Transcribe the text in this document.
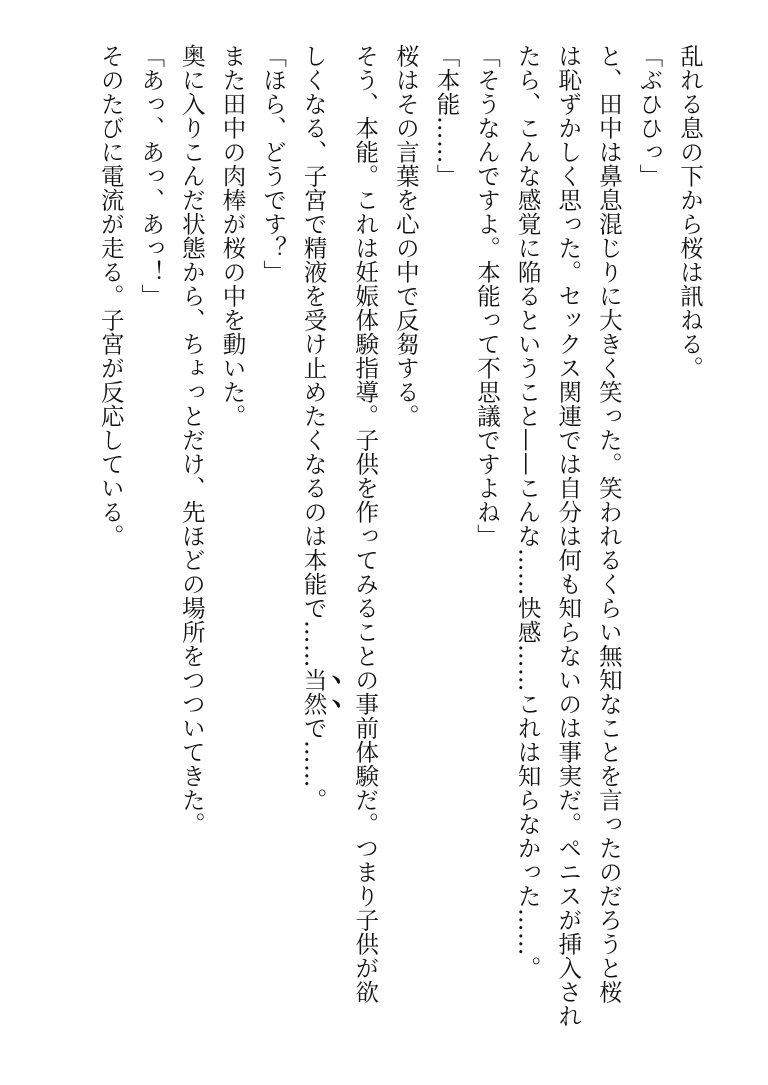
乱れる息の下から桜は訊ねる。
「ぶひひっ」
と、田中は鼻息混じりに大きく笑った。笑われるくらい無知なことを言ったのだろうと桜
は恥ずかしく思った。セックス関連では自分は何も知らないのは事実だ。ペニスが挿入され
たら、こんな感覚に陥るということ——こんな……快感……これは知らなかった……。
「そうなんですよ。本能って不思議ですよね」
「本能……」
桜はその言葉を心の中で反芻する。
そう、本能。これは妊娠体験指導。子供を作ってみることの事前体験だ。つまり子供が欲
しくなる、子宮で精液を受け止めたくなるのは本能で……当然で……。
「ほら、どうです？」
また田中の肉棒が桜の中を動いた。
奥に入りこんだ状態から、ちょっとだけ、先ほどの場所をつついてきた。
「あっ、あっ、あっ！」
そのたびに電流が走る。子宮が反応している。
